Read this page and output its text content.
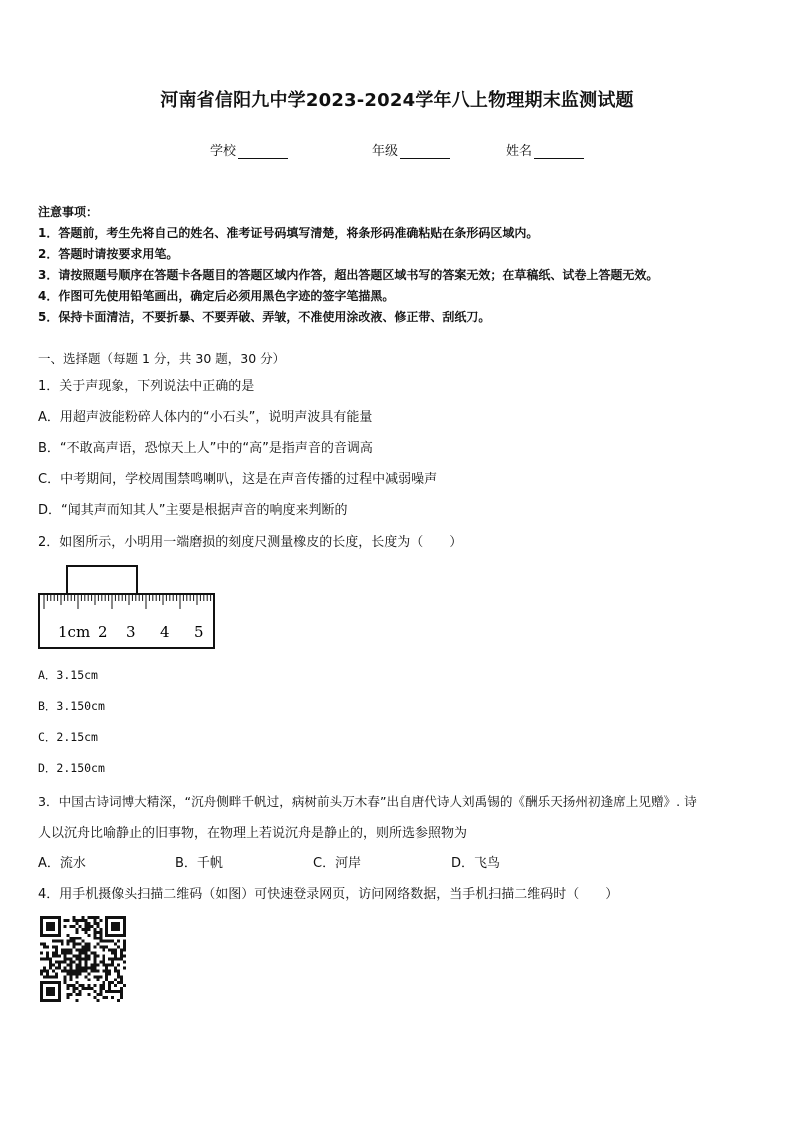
河南省信阳九中学2023-2024学年八上物理期末监测试题
学校	年级	姓名
注意事项：
1．答题前，考生先将自己的姓名、准考证号码填写清楚，将条形码准确粘贴在条形码区域内。
2．答题时请按要求用笔。
3．请按照题号顺序在答题卡各题目的答题区域内作答，超出答题区域书写的答案无效；在草稿纸、试卷上答题无效。
4．作图可先使用铅笔画出，确定后必须用黑色字迹的签字笔描黑。
5．保持卡面清洁，不要折暴、不要弄破、弄皱，不准使用涂改液、修正带、刮纸刀。
一、选择题（每题 1 分，共 30 题，30 分）
1．关于声现象，下列说法中正确的是
A．用超声波能粉碎人体内的“小石头”，说明声波具有能量
B．“不敢高声语，恐惊天上人”中的“高”是指声音的音调高
C．中考期间，学校周围禁鸣喇叭，这是在声音传播的过程中减弱噪声
D．“闻其声而知其人”主要是根据声音的响度来判断的
2．如图所示，小明用一端磨损的刻度尺测量橡皮的长度，长度为（　　）
1cm 2 3 4 5
A．3.15cm
B．3.150cm
C．2.15cm
D．2.150cm
3．中国古诗词博大精深，“沉舟侧畔千帆过，病树前头万木春”出自唐代诗人刘禹锡的《酬乐天扬州初逢席上见赠》. 诗
人以沉舟比喻静止的旧事物，在物理上若说沉舟是静止的，则所选参照物为
A．流水	B．千帆	C．河岸	D．飞鸟
4．用手机摄像头扫描二维码（如图）可快速登录网页，访问网络数据，当手机扫描二维码时（　　）
